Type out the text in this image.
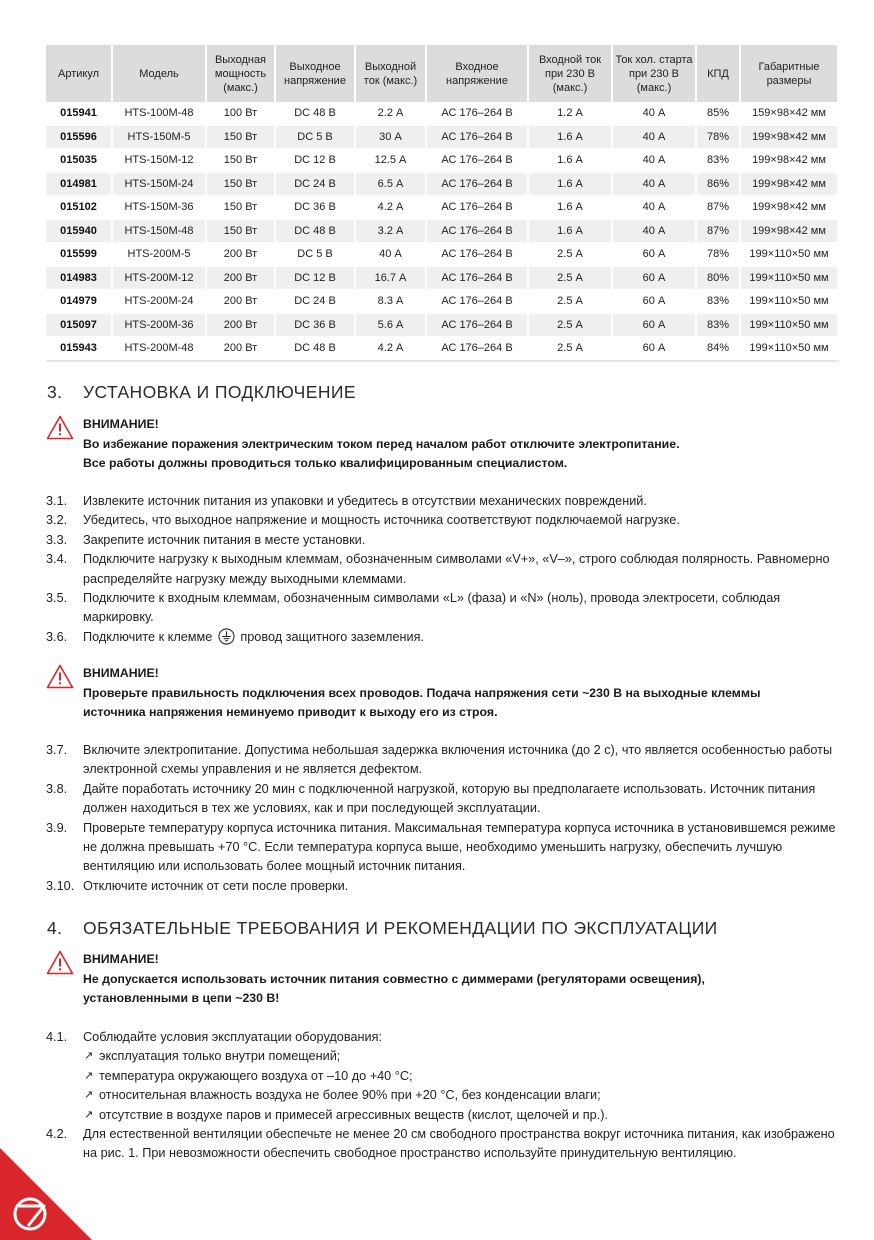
Артикул	Модель	Выходная мощность (макс.)	Выходное напряжение	Выходной ток (макс.)	Входное напряжение	Входной ток при 230 В (макс.)	Ток хол. старта при 230 В (макс.)	КПД	Габаритные размеры
015941	HTS-100M-48	100 Вт	DC 48 В	2.2 А	АС 176–264 В	1.2 А	40 А	85%	159×98×42 мм
015596	HTS-150M-5	150 Вт	DC 5 В	30 А	АС 176–264 В	1.6 А	40 А	78%	199×98×42 мм
015035	HTS-150M-12	150 Вт	DC 12 В	12.5 А	АС 176–264 В	1.6 А	40 А	83%	199×98×42 мм
014981	HTS-150M-24	150 Вт	DC 24 В	6.5 А	АС 176–264 В	1.6 А	40 А	86%	199×98×42 мм
015102	HTS-150M-36	150 Вт	DC 36 В	4.2 А	АС 176–264 В	1.6 А	40 А	87%	199×98×42 мм
015940	HTS-150M-48	150 Вт	DC 48 В	3.2 А	АС 176–264 В	1.6 А	40 А	87%	199×98×42 мм
015599	HTS-200M-5	200 Вт	DC 5 В	40 А	АС 176–264 В	2.5 А	60 А	78%	199×110×50 мм
014983	HTS-200M-12	200 Вт	DC 12 В	16.7 А	АС 176–264 В	2.5 А	60 А	80%	199×110×50 мм
014979	HTS-200M-24	200 Вт	DC 24 В	8.3 А	АС 176–264 В	2.5 А	60 А	83%	199×110×50 мм
015097	HTS-200M-36	200 Вт	DC 36 В	5.6 А	АС 176–264 В	2.5 А	60 А	83%	199×110×50 мм
015943	HTS-200M-48	200 Вт	DC 48 В	4.2 А	АС 176–264 В	2.5 А	60 А	84%	199×110×50 мм
3. УСТАНОВКА И ПОДКЛЮЧЕНИЕ
ВНИМАНИЕ!
Во избежание поражения электрическим током перед началом работ отключите электропитание.
Все работы должны проводиться только квалифицированным специалистом.
3.1. Извлеките источник питания из упаковки и убедитесь в отсутствии механических повреждений.
3.2. Убедитесь, что выходное напряжение и мощность источника соответствуют подключаемой нагрузке.
3.3. Закрепите источник питания в месте установки.
3.4. Подключите нагрузку к выходным клеммам, обозначенным символами «V+», «V–», строго соблюдая полярность. Равномерно распределяйте нагрузку между выходными клеммами.
3.5. Подключите к входным клеммам, обозначенным символами «L» (фаза) и «N» (ноль), провода электросети, соблюдая маркировку.
3.6. Подключите к клемме провод защитного заземления.
ВНИМАНИЕ!
Проверьте правильность подключения всех проводов. Подача напряжения сети ~230 В на выходные клеммы
источника напряжения неминуемо приводит к выходу его из строя.
3.7. Включите электропитание. Допустима небольшая задержка включения источника (до 2 с), что является особенностью работы электронной схемы управления и не является дефектом.
3.8. Дайте поработать источнику 20 мин с подключенной нагрузкой, которую вы предполагаете использовать. Источник питания должен находиться в тех же условиях, как и при последующей эксплуатации.
3.9. Проверьте температуру корпуса источника питания. Максимальная температура корпуса источника в установившемся режиме не должна превышать +70 °С. Если температура корпуса выше, необходимо уменьшить нагрузку, обеспечить лучшую вентиляцию или использовать более мощный источник питания.
3.10. Отключите источник от сети после проверки.
4. ОБЯЗАТЕЛЬНЫЕ ТРЕБОВАНИЯ И РЕКОМЕНДАЦИИ ПО ЭКСПЛУАТАЦИИ
ВНИМАНИЕ!
Не допускается использовать источник питания совместно с диммерами (регуляторами освещения),
установленными в цепи ~230 В!
4.1. Соблюдайте условия эксплуатации оборудования:
↗ эксплуатация только внутри помещений;
↗ температура окружающего воздуха от –10 до +40 °С;
↗ относительная влажность воздуха не более 90% при +20 °С, без конденсации влаги;
↗ отсутствие в воздухе паров и примесей агрессивных веществ (кислот, щелочей и пр.).
4.2. Для естественной вентиляции обеспечьте не менее 20 см свободного пространства вокруг источника питания, как изображено на рис. 1. При невозможности обеспечить свободное пространство используйте принудительную вентиляцию.
